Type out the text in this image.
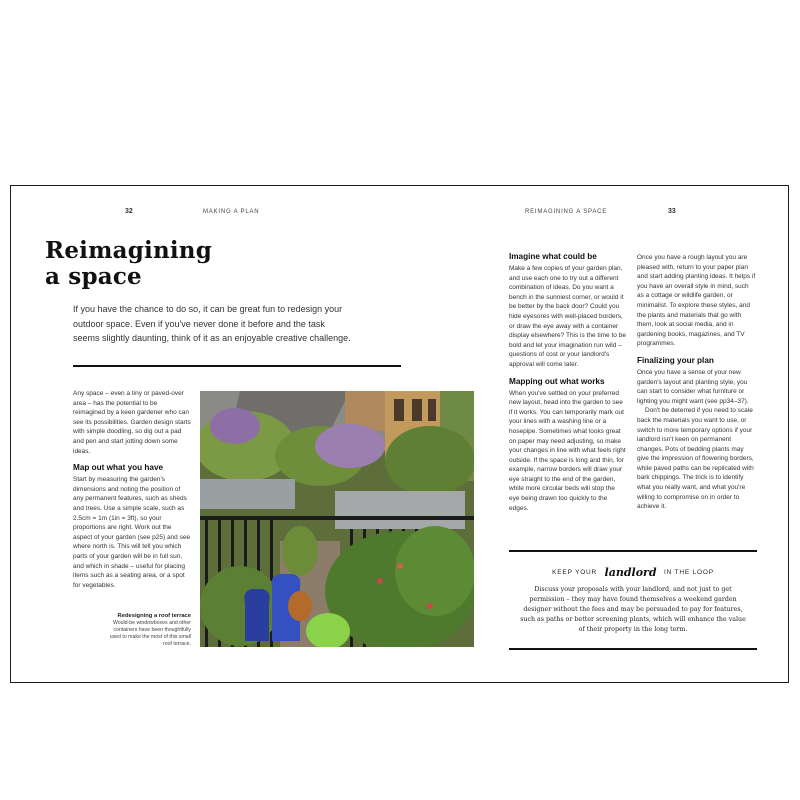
32	MAKING A PLAN
Reimagining
a space

If you have the chance to do so, it can be great fun to redesign your outdoor space. Even if you've never done it before and the task seems slightly daunting, think of it as an enjoyable creative challenge.

Any space – even a tiny or paved-over area – has the potential to be reimagined by a keen gardener who can see its possibilities. Garden design starts with simple doodling, so dig out a pad and pen and start jotting down some ideas.

Map out what you have

Start by measuring the garden's dimensions and noting the position of any permanent features, such as sheds and trees. Use a simple scale, such as 2.5cm = 1m (1in = 3ft), so your proportions are right. Work out the aspect of your garden (see p25) and see where north is. This will tell you which parts of your garden will be in full sun, and which in shade – useful for placing items such as a seating area, or a spot for vegetables.

Redesigning a roof terrace
Would-be windowboxes and other containers have been thoughtfully used to make the most of this small roof terrace.
REIMAGINING A SPACE	33

Imagine what could be

Make a few copies of your garden plan, and use each one to try out a different combination of ideas. Do you want a bench in the sunniest corner, or would it be better by the back door? Could you hide eyesores with well-placed borders, or draw the eye away with a container display elsewhere? This is the time to be bold and let your imagination run wild – questions of cost or your landlord's approval will come later.

Mapping out what works

When you've settled on your preferred new layout, head into the garden to see if it works. You can temporarily mark out your lines with a washing line or a hosepipe. Sometimes what looks great on paper may need adjusting, so make your changes in line with what feels right outside. If the space is long and thin, for example, narrow borders will draw your eye straight to the end of the garden, while more circular beds will stop the eye being drawn too quickly to the edges.

Once you have a rough layout you are pleased with, return to your paper plan and start adding planting ideas. It helps if you have an overall style in mind, such as a cottage or wildlife garden, or minimalist. To explore these styles, and the plants and materials that go with them, look at social media, and in gardening books, magazines, and TV programmes.

Finalizing your plan

Once you have a sense of your new garden's layout and planting style, you can start to consider what furniture or lighting you might want (see pp34–37).

Don't be deterred if you need to scale back the materials you want to use, or switch to more temporary options if your landlord isn't keen on permanent changes. Pots of bedding plants may give the impression of flowering borders, while paved paths can be replicated with bark chippings. The trick is to identify what you really want, and what you're willing to compromise on in order to achieve it.

KEEP YOUR landlord IN THE LOOP

Discuss your proposals with your landlord, and not just to get permission – they may have found themselves a weekend garden designer without the fees and may be persuaded to pay for features, such as paths or better screening plants, which will enhance the value of their property in the long term.
